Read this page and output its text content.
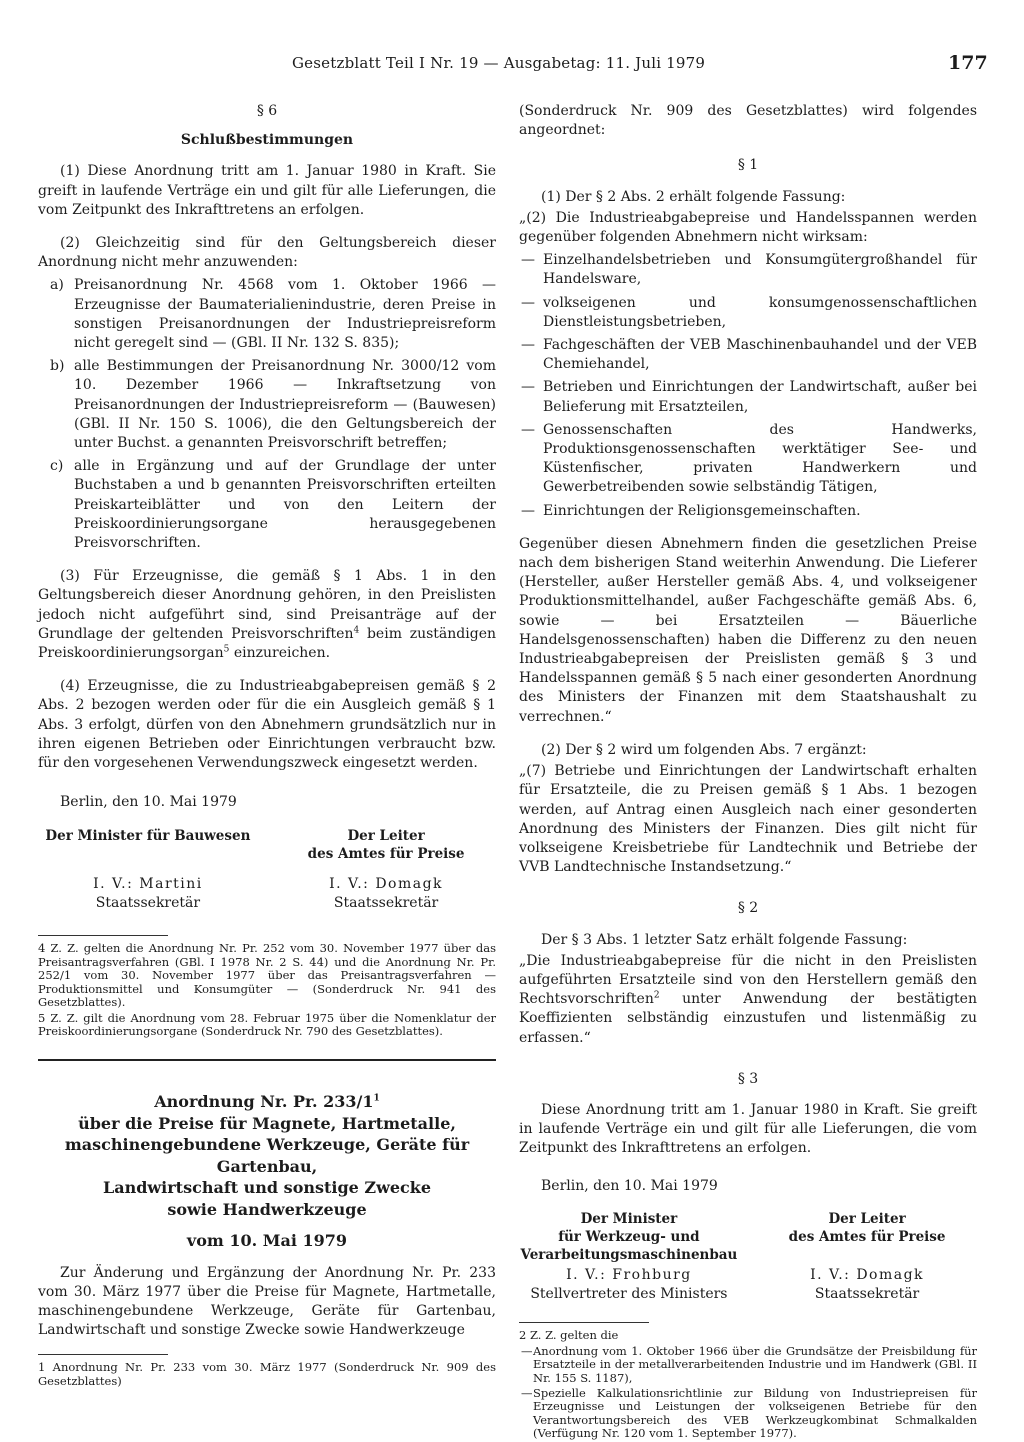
Gesetzblatt Teil I Nr. 19 — Ausgabetag: 11. Juli 1979	177
§ 6
Schlußbestimmungen

(1) Diese Anordnung tritt am 1. Januar 1980 in Kraft. Sie greift in laufende Verträge ein und gilt für alle Lieferungen, die vom Zeitpunkt des Inkrafttretens an erfolgen.

(2) Gleichzeitig sind für den Geltungsbereich dieser Anordnung nicht mehr anzuwenden:

a) Preisanordnung Nr. 4568 vom 1. Oktober 1966 — Erzeugnisse der Baumaterialienindustrie, deren Preise in sonstigen Preisanordnungen der Industriepreisreform nicht geregelt sind — (GBl. II Nr. 132 S. 835);
b) alle Bestimmungen der Preisanordnung Nr. 3000/12 vom 10. Dezember 1966 — Inkraftsetzung von Preisanordnungen der Industriepreisreform — (Bauwesen) (GBl. II Nr. 150 S. 1006), die den Geltungsbereich der unter Buchst. a genannten Preisvorschrift betreffen;
c) alle in Ergänzung und auf der Grundlage der unter Buchstaben a und b genannten Preisvorschriften erteilten Preiskarteiblätter und von den Leitern der Preiskoordinierungsorgane herausgegebenen Preisvorschriften.

(3) Für Erzeugnisse, die gemäß § 1 Abs. 1 in den Geltungsbereich dieser Anordnung gehören, in den Preislisten jedoch nicht aufgeführt sind, sind Preisanträge auf der Grundlage der geltenden Preisvorschriften$^4$ beim zuständigen Preiskoordinierungsorgan$^5$ einzureichen.

(4) Erzeugnisse, die zu Industrieabgabepreisen gemäß § 2 Abs. 2 bezogen werden oder für die ein Ausgleich gemäß § 1 Abs. 3 erfolgt, dürfen von den Abnehmern grundsätzlich nur in ihren eigenen Betrieben oder Einrichtungen verbraucht bzw. für den vorgesehenen Verwendungszweck eingesetzt werden.

Berlin, den 10. Mai 1979

Der Minister für Bauwesen
I. V.: Martini
Staatssekretär
Der Leiter
des Amtes für Preise
I. V.: Domagk
Staatssekretär

4 Z. Z. gelten die Anordnung Nr. Pr. 252 vom 30. November 1977 über das Preisantragsverfahren (GBl. I 1978 Nr. 2 S. 44) und die Anordnung Nr. Pr. 252/1 vom 30. November 1977 über das Preisantragsverfahren — Produktionsmittel und Konsumgüter — (Sonderdruck Nr. 941 des Gesetzblattes).

5 Z. Z. gilt die Anordnung vom 28. Februar 1975 über die Nomenklatur der Preiskoordinierungsorgane (Sonderdruck Nr. 790 des Gesetzblattes).

Anordnung Nr. Pr. $233/1^1$
über die Preise für Magnete, Hartmetalle,
maschinengebundene Werkzeuge, Geräte für Gartenbau,
Landwirtschaft und sonstige Zwecke
sowie Handwerkzeuge
vom 10. Mai 1979

Zur Änderung und Ergänzung der Anordnung Nr. Pr. 233 vom 30. März 1977 über die Preise für Magnete, Hartmetalle, maschinengebundene Werkzeuge, Geräte für Gartenbau, Landwirtschaft und sonstige Zwecke sowie Handwerkzeuge

1 Anordnung Nr. Pr. 233 vom 30. März 1977 (Sonderdruck Nr. 909 des Gesetzblattes)

(Sonderdruck Nr. 909 des Gesetzblattes) wird folgendes angeordnet:

§ 1

(1) Der § 2 Abs. 2 erhält folgende Fassung:

„(2) Die Industrieabgabepreise und Handelsspannen werden gegenüber folgenden Abnehmern nicht wirksam:

— Einzelhandelsbetrieben und Konsumgütergroßhandel für Handelsware,
— volkseigenen und konsumgenossenschaftlichen Dienstleistungsbetrieben,
— Fachgeschäften der VEB Maschinenbauhandel und der VEB Chemiehandel,
— Betrieben und Einrichtungen der Landwirtschaft, außer bei Belieferung mit Ersatzteilen,
— Genossenschaften des Handwerks, Produktionsgenossenschaften werktätiger See- und Küstenfischer, privaten Handwerkern und Gewerbetreibenden sowie selbständig Tätigen,
— Einrichtungen der Religionsgemeinschaften.

Gegenüber diesen Abnehmern finden die gesetzlichen Preise nach dem bisherigen Stand weiterhin Anwendung. Die Lieferer (Hersteller, außer Hersteller gemäß Abs. 4, und volkseigener Produktionsmittelhandel, außer Fachgeschäfte gemäß Abs. 6, sowie — bei Ersatzteilen — Bäuerliche Handelsgenossenschaften) haben die Differenz zu den neuen Industrieabgabepreisen der Preislisten gemäß § 3 und Handelsspannen gemäß § 5 nach einer gesonderten Anordnung des Ministers der Finanzen mit dem Staatshaushalt zu verrechnen.“

(2) Der § 2 wird um folgenden Abs. 7 ergänzt:

„(7) Betriebe und Einrichtungen der Landwirtschaft erhalten für Ersatzteile, die zu Preisen gemäß § 1 Abs. 1 bezogen werden, auf Antrag einen Ausgleich nach einer gesonderten Anordnung des Ministers der Finanzen. Dies gilt nicht für volkseigene Kreisbetriebe für Landtechnik und Betriebe der VVB Landtechnische Instandsetzung.“

§ 2

Der § 3 Abs. 1 letzter Satz erhält folgende Fassung:

„Die Industrieabgabepreise für die nicht in den Preislisten aufgeführten Ersatzteile sind von den Herstellern gemäß den Rechtsvorschriften$^2$ unter Anwendung der bestätigten Koeffizienten selbständig einzustufen und listenmäßig zu erfassen.“

§ 3

Diese Anordnung tritt am 1. Januar 1980 in Kraft. Sie greift in laufende Verträge ein und gilt für alle Lieferungen, die vom Zeitpunkt des Inkrafttretens an erfolgen.

Berlin, den 10. Mai 1979

Der Minister
für Werkzeug- und
Verarbeitungsmaschinenbau
I. V.: Frohburg
Stellvertreter des Ministers
Der Leiter
des Amtes für Preise
I. V.: Domagk
Staatssekretär

2 Z. Z. gelten die

— Anordnung vom 1. Oktober 1966 über die Grundsätze der Preisbildung für Ersatzteile in der metallverarbeitenden Industrie und im Handwerk (GBl. II Nr. 155 S. 1187),
— Spezielle Kalkulationsrichtlinie zur Bildung von Industriepreisen für Erzeugnisse und Leistungen der volkseigenen Betriebe für den Verantwortungsbereich des VEB Werkzeugkombinat Schmalkalden (Verfügung Nr. 120 vom 1. September 1977).
